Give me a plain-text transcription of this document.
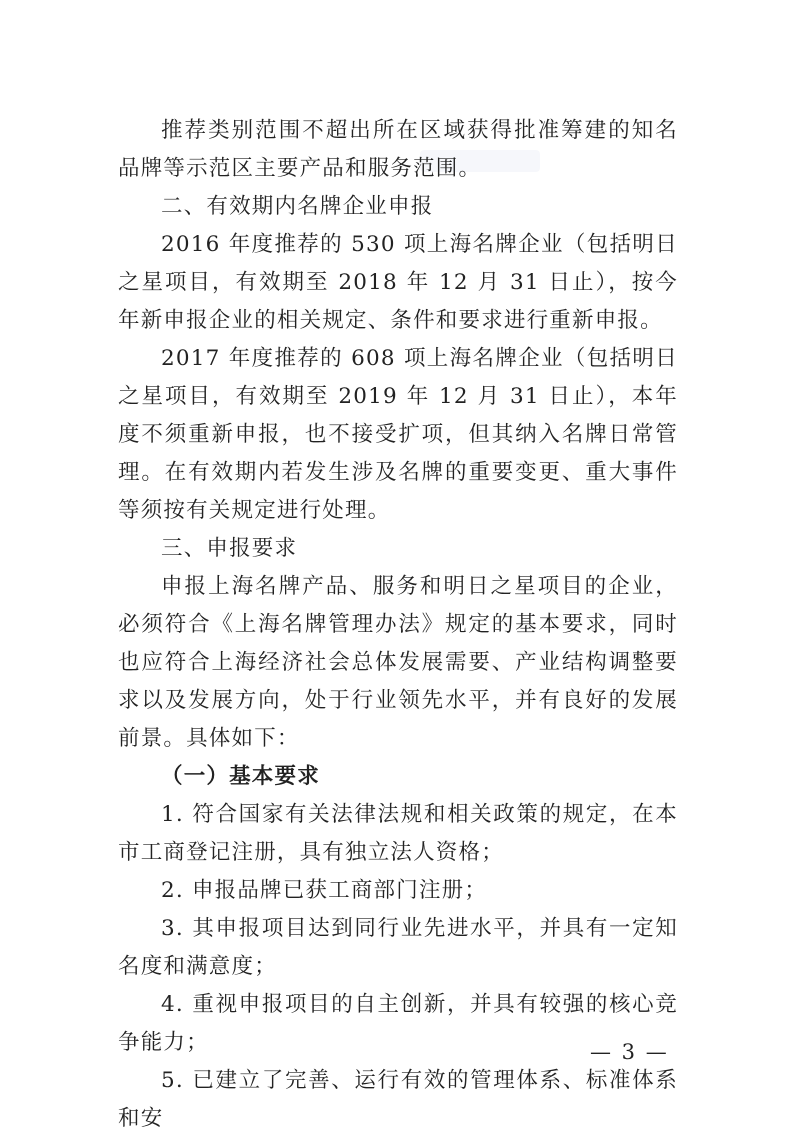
推荐类别范围不超出所在区域获得批准筹建的知名品牌等示范区主要产品和服务范围。

二、有效期内名牌企业申报

2016 年度推荐的 530 项上海名牌企业（包括明日之星项目，有效期至 2018 年 12 月 31 日止），按今年新申报企业的相关规定、条件和要求进行重新申报。

2017 年度推荐的 608 项上海名牌企业（包括明日之星项目，有效期至 2019 年 12 月 31 日止），本年度不须重新申报，也不接受扩项，但其纳入名牌日常管理。在有效期内若发生涉及名牌的重要变更、重大事件等须按有关规定进行处理。

三、申报要求

申报上海名牌产品、服务和明日之星项目的企业，必须符合《上海名牌管理办法》规定的基本要求，同时也应符合上海经济社会总体发展需要、产业结构调整要求以及发展方向，处于行业领先水平，并有良好的发展前景。具体如下：

（一）基本要求

1. 符合国家有关法律法规和相关政策的规定，在本市工商登记注册，具有独立法人资格；

2. 申报品牌已获工商部门注册；

3. 其申报项目达到同行业先进水平，并具有一定知名度和满意度；

4. 重视申报项目的自主创新，并具有较强的核心竞争能力；

5. 已建立了完善、运行有效的管理体系、标准体系和安

— 3 —
